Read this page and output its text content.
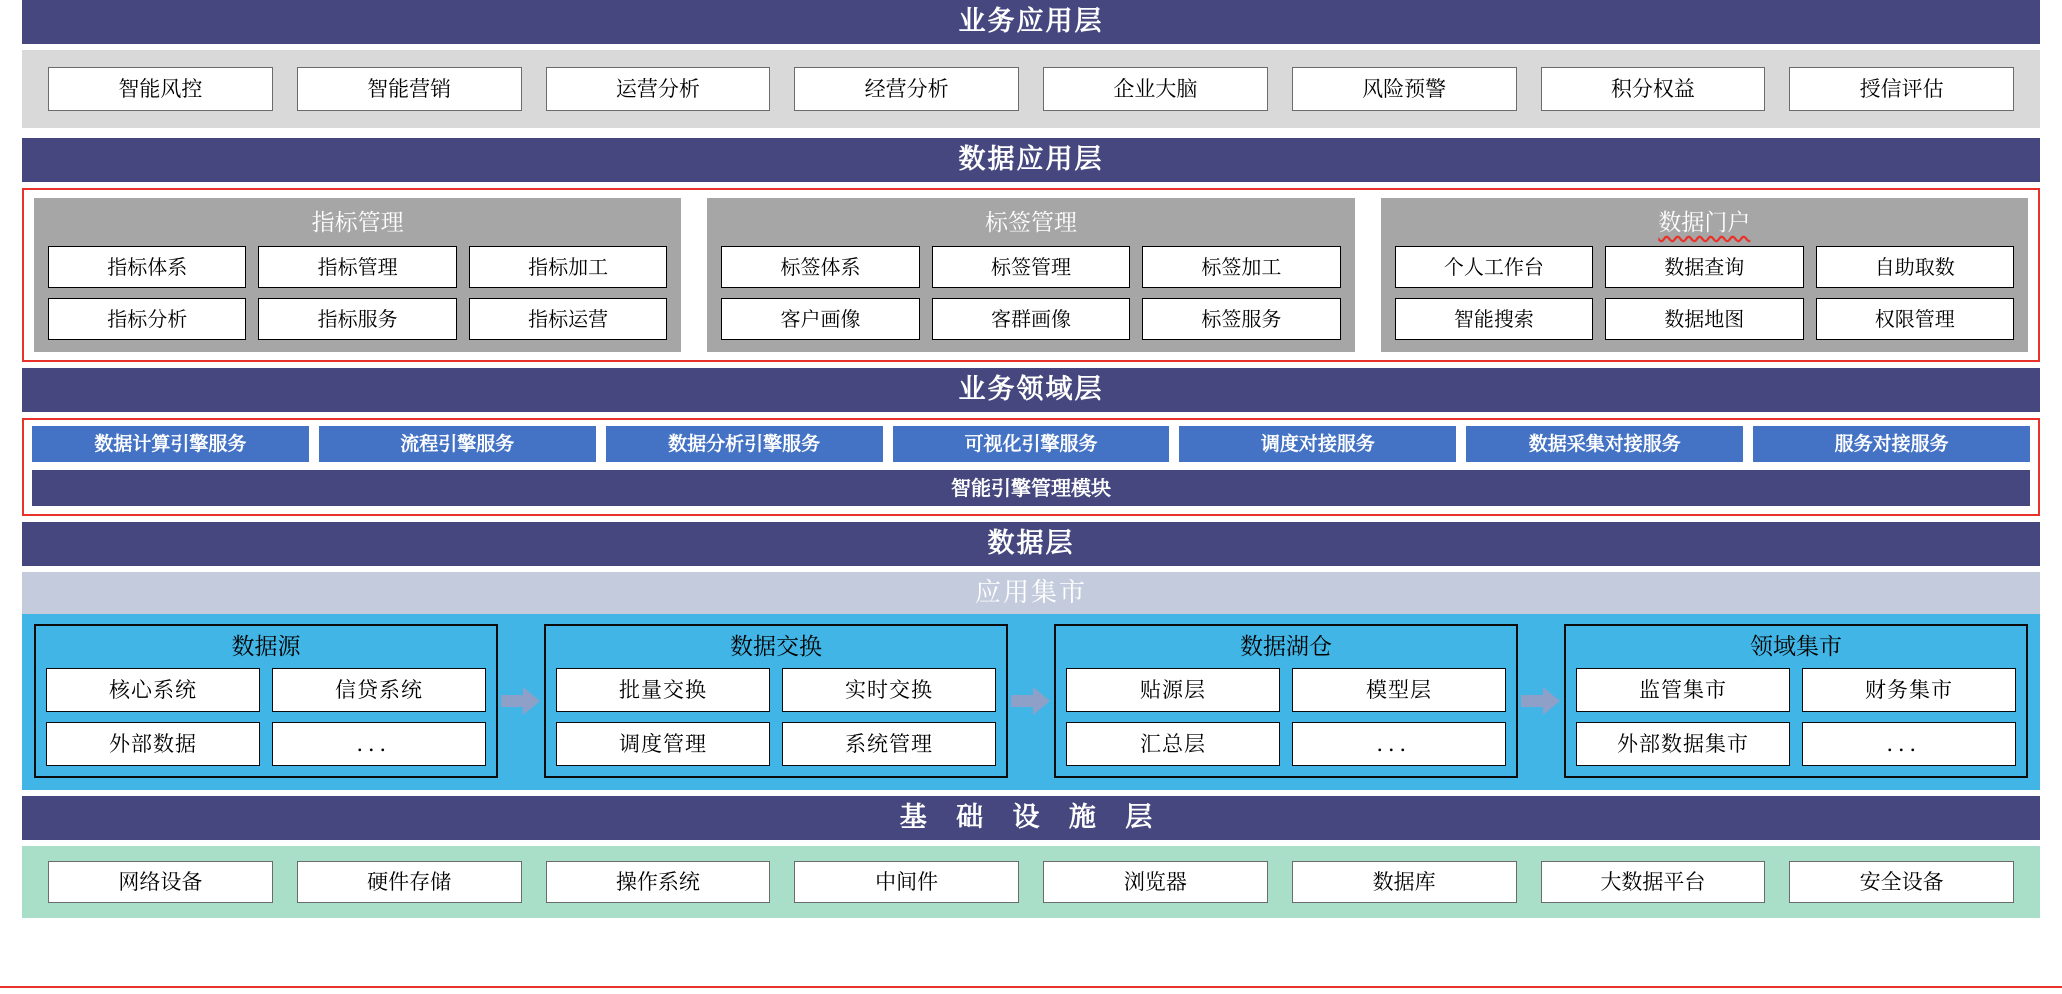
业务应用层
智能风控	智能营销	运营分析	经营分析	企业大脑	风险预警	积分权益	授信评估
数据应用层
指标管理
指标体系	指标管理	指标加工
指标分析	指标服务	指标运营
标签管理
标签体系	标签管理	标签加工
客户画像	客群画像	标签服务
数据门户
个人工作台	数据查询	自助取数
智能搜索	数据地图	权限管理
业务领域层
数据计算引擎服务	流程引擎服务	数据分析引擎服务	可视化引擎服务	调度对接服务	数据采集对接服务	服务对接服务
智能引擎管理模块
数据层
应用集市
数据源
核心系统	信贷系统
外部数据	．．．
数据交换
批量交换	实时交换
调度管理	系统管理
数据湖仓
贴源层	模型层
汇总层	．．．
领域集市
监管集市	财务集市
外部数据集市	．．．
基 础 设 施 层
网络设备	硬件存储	操作系统	中间件	浏览器	数据库	大数据平台	安全设备
